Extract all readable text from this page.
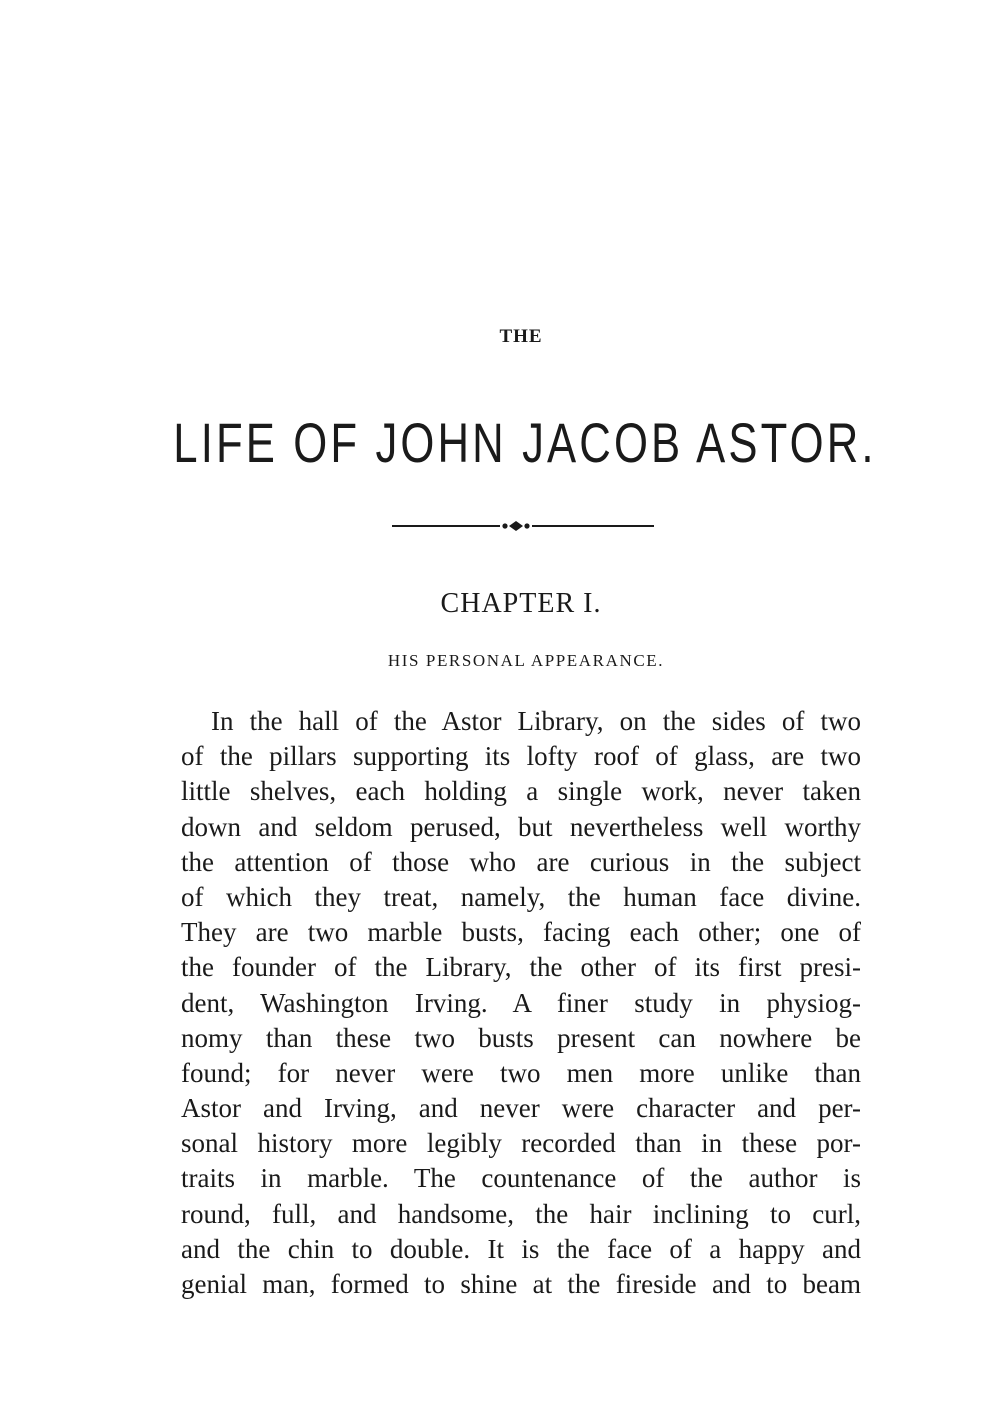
THE
LIFE OF JOHN JACOB ASTOR.
CHAPTER I.
HIS PERSONAL APPEARANCE.
In the hall of the Astor Library, on the sides of two
of the pillars supporting its lofty roof of glass, are two
little shelves, each holding a single work, never taken
down and seldom perused, but nevertheless well worthy
the attention of those who are curious in the subject
of which they treat, namely, the human face divine.
They are two marble busts, facing each other; one of
the founder of the Library, the other of its first presi-
dent, Washington Irving. A finer study in physiog-
nomy than these two busts present can nowhere be
found; for never were two men more unlike than
Astor and Irving, and never were character and per-
sonal history more legibly recorded than in these por-
traits in marble. The countenance of the author is
round, full, and handsome, the hair inclining to curl,
and the chin to double. It is the face of a happy and
genial man, formed to shine at the fireside and to beam
